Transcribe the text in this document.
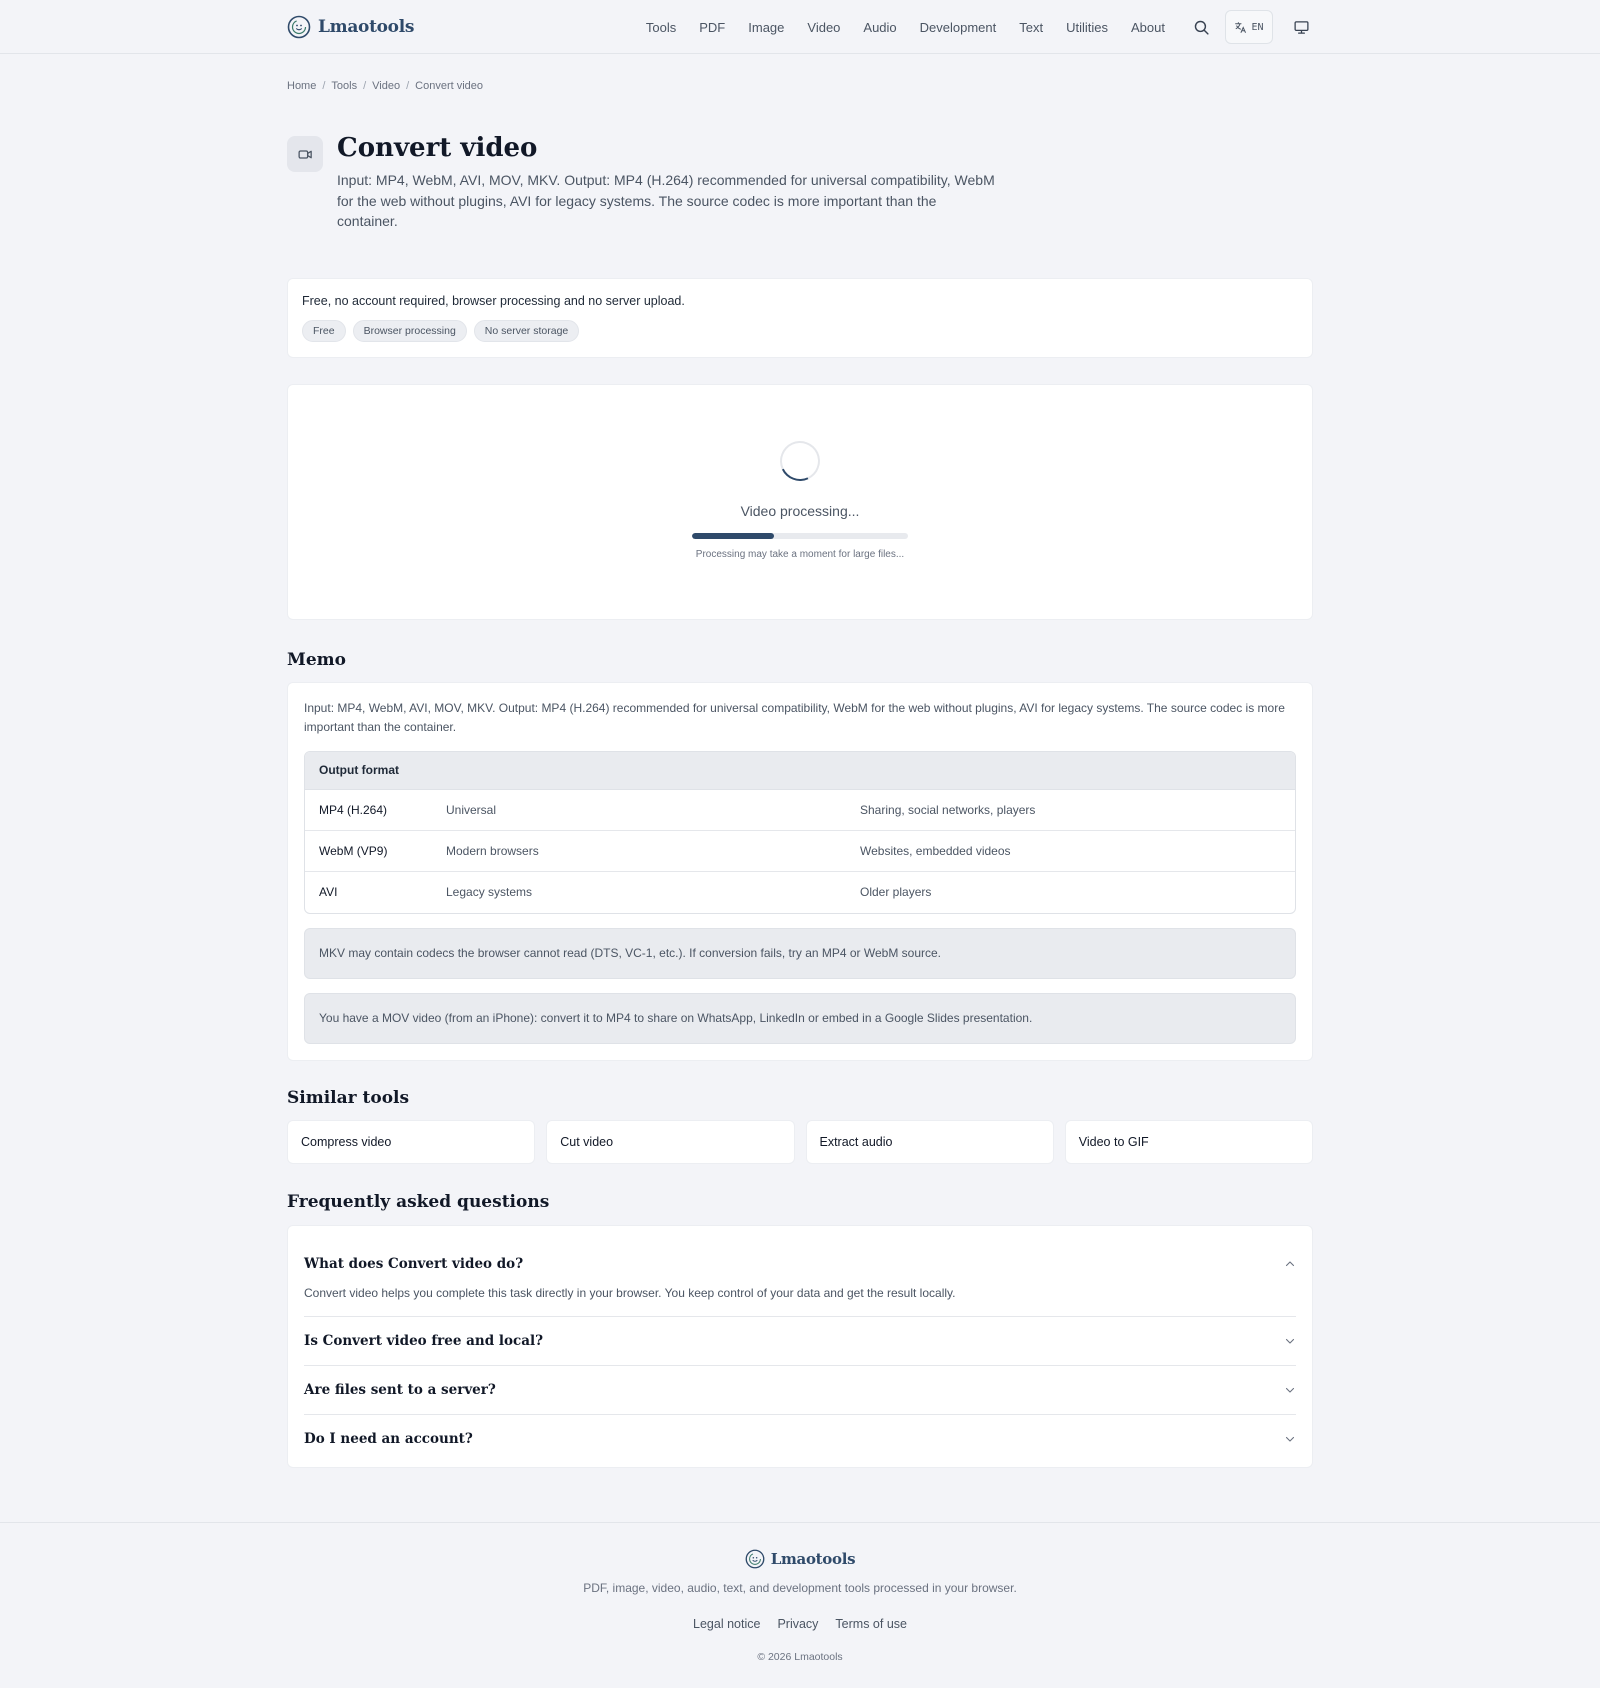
Lmaotools	Tools PDF Image Video Audio Development Text Utilities About	EN
Home / Tools / Video / Convert video
Convert video

Input: MP4, WebM, AVI, MOV, MKV. Output: MP4 (H.264) recommended for universal compatibility, WebM for the web without plugins, AVI for legacy systems. The source codec is more important than the container.

Free, no account required, browser processing and no server upload.
Free	Browser processing	No server storage
Video processing...
Processing may take a moment for large files...
Memo

Input: MP4, WebM, AVI, MOV, MKV. Output: MP4 (H.264) recommended for universal compatibility, WebM for the web without plugins, AVI for legacy systems. The source codec is more important than the container.

Output format
MP4 (H.264)	Universal	Sharing, social networks, players
WebM (VP9)	Modern browsers	Websites, embedded videos
AVI	Legacy systems	Older players
MKV may contain codecs the browser cannot read (DTS, VC-1, etc.). If conversion fails, try an MP4 or WebM source.
You have a MOV video (from an iPhone): convert it to MP4 to share on WhatsApp, LinkedIn or embed in a Google Slides presentation.
Similar tools
Compress video	Cut video	Extract audio	Video to GIF
Frequently asked questions
What does Convert video do?
Convert video helps you complete this task directly in your browser. You keep control of your data and get the result locally.
Is Convert video free and local?
Are files sent to a server?
Do I need an account?
Lmaotools
PDF, image, video, audio, text, and development tools processed in your browser.
Legal notice Privacy Terms of use
© 2026 Lmaotools
